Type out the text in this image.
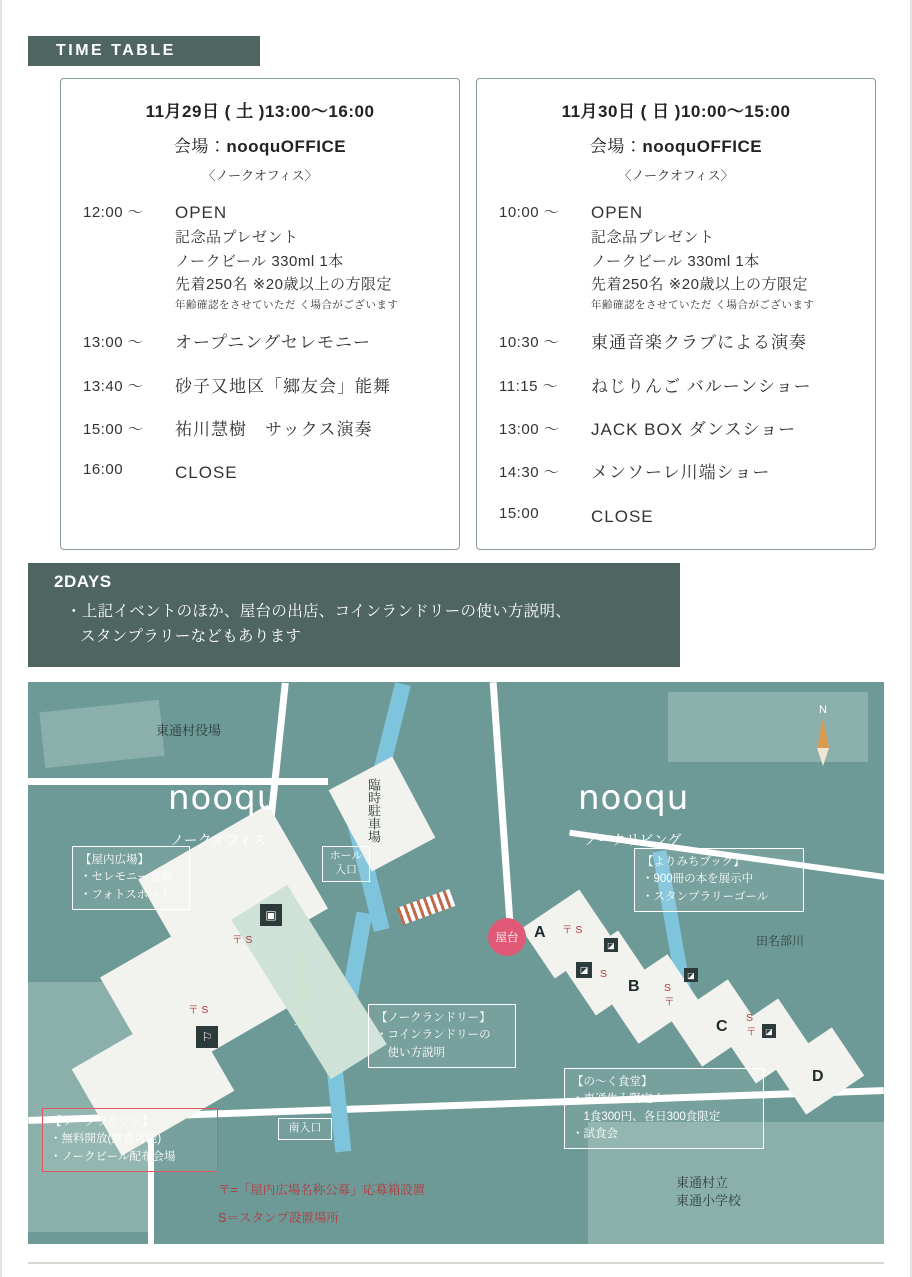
TIME TABLE
11月29日 ( 土 )13:00〜16:00
会場：nooquOFFICE
〈ノークオフィス〉
12:00 〜	OPEN
記念品プレゼント
ノークビール 330ml 1本
先着250名 ※20歳以上の方限定
年齢確認をさせていただ く場合がございます
13:00 〜	オープニングセレモニー
13:40 〜	砂子又地区「郷友会」能舞
15:00 〜	祐川慧樹　サックス演奏
16:00	CLOSE
11月30日 ( 日 )10:00〜15:00
会場：nooquOFFICE
〈ノークオフィス〉
10:00 〜	OPEN
記念品プレゼント
ノークビール 330ml 1本
先着250名 ※20歳以上の方限定
年齢確認をさせていただ く場合がございます
10:30 〜	東通音楽クラブによる演奏
11:15 〜	ねじりんご バルーンショー
13:00 〜	JACK BOX ダンスショー
14:30 〜	メンソーレ川端ショー
15:00	CLOSE
2DAYS
・上記イベントのほか、屋台の出店、コインランドリーの使い方説明、
スタンプラリーなどもあります
nooqu
ノークオフィス
nooqu
ノークリビング
東通村役場
臨時駐車場
臨時駐車場
田名部川
東通村立
東通小学校
ホール
入口
南入口
屋台 A
B
C
D
〒 S
S
S
〒
S
〒
〒 S
〒 S
▣
⚐
◪
◪
◪
◪
【屋内広場】
・セレモニー会場
・フォトスポット
【よりみちブック】
・900冊の本を展示中
・スタンプラリーゴール
【ノークランドリー】
・コインランドリーの
　使い方説明
【の〜く食堂】
・東通牛入限定カレー
　1食300円、各日300食限定
・試食会
【ワークラウンジ】
・無料開放(飲食可能)
・ノークビール配布会場
〒=「屋内広場名称公募」応募箱設置
S＝スタンプ設置場所
N
